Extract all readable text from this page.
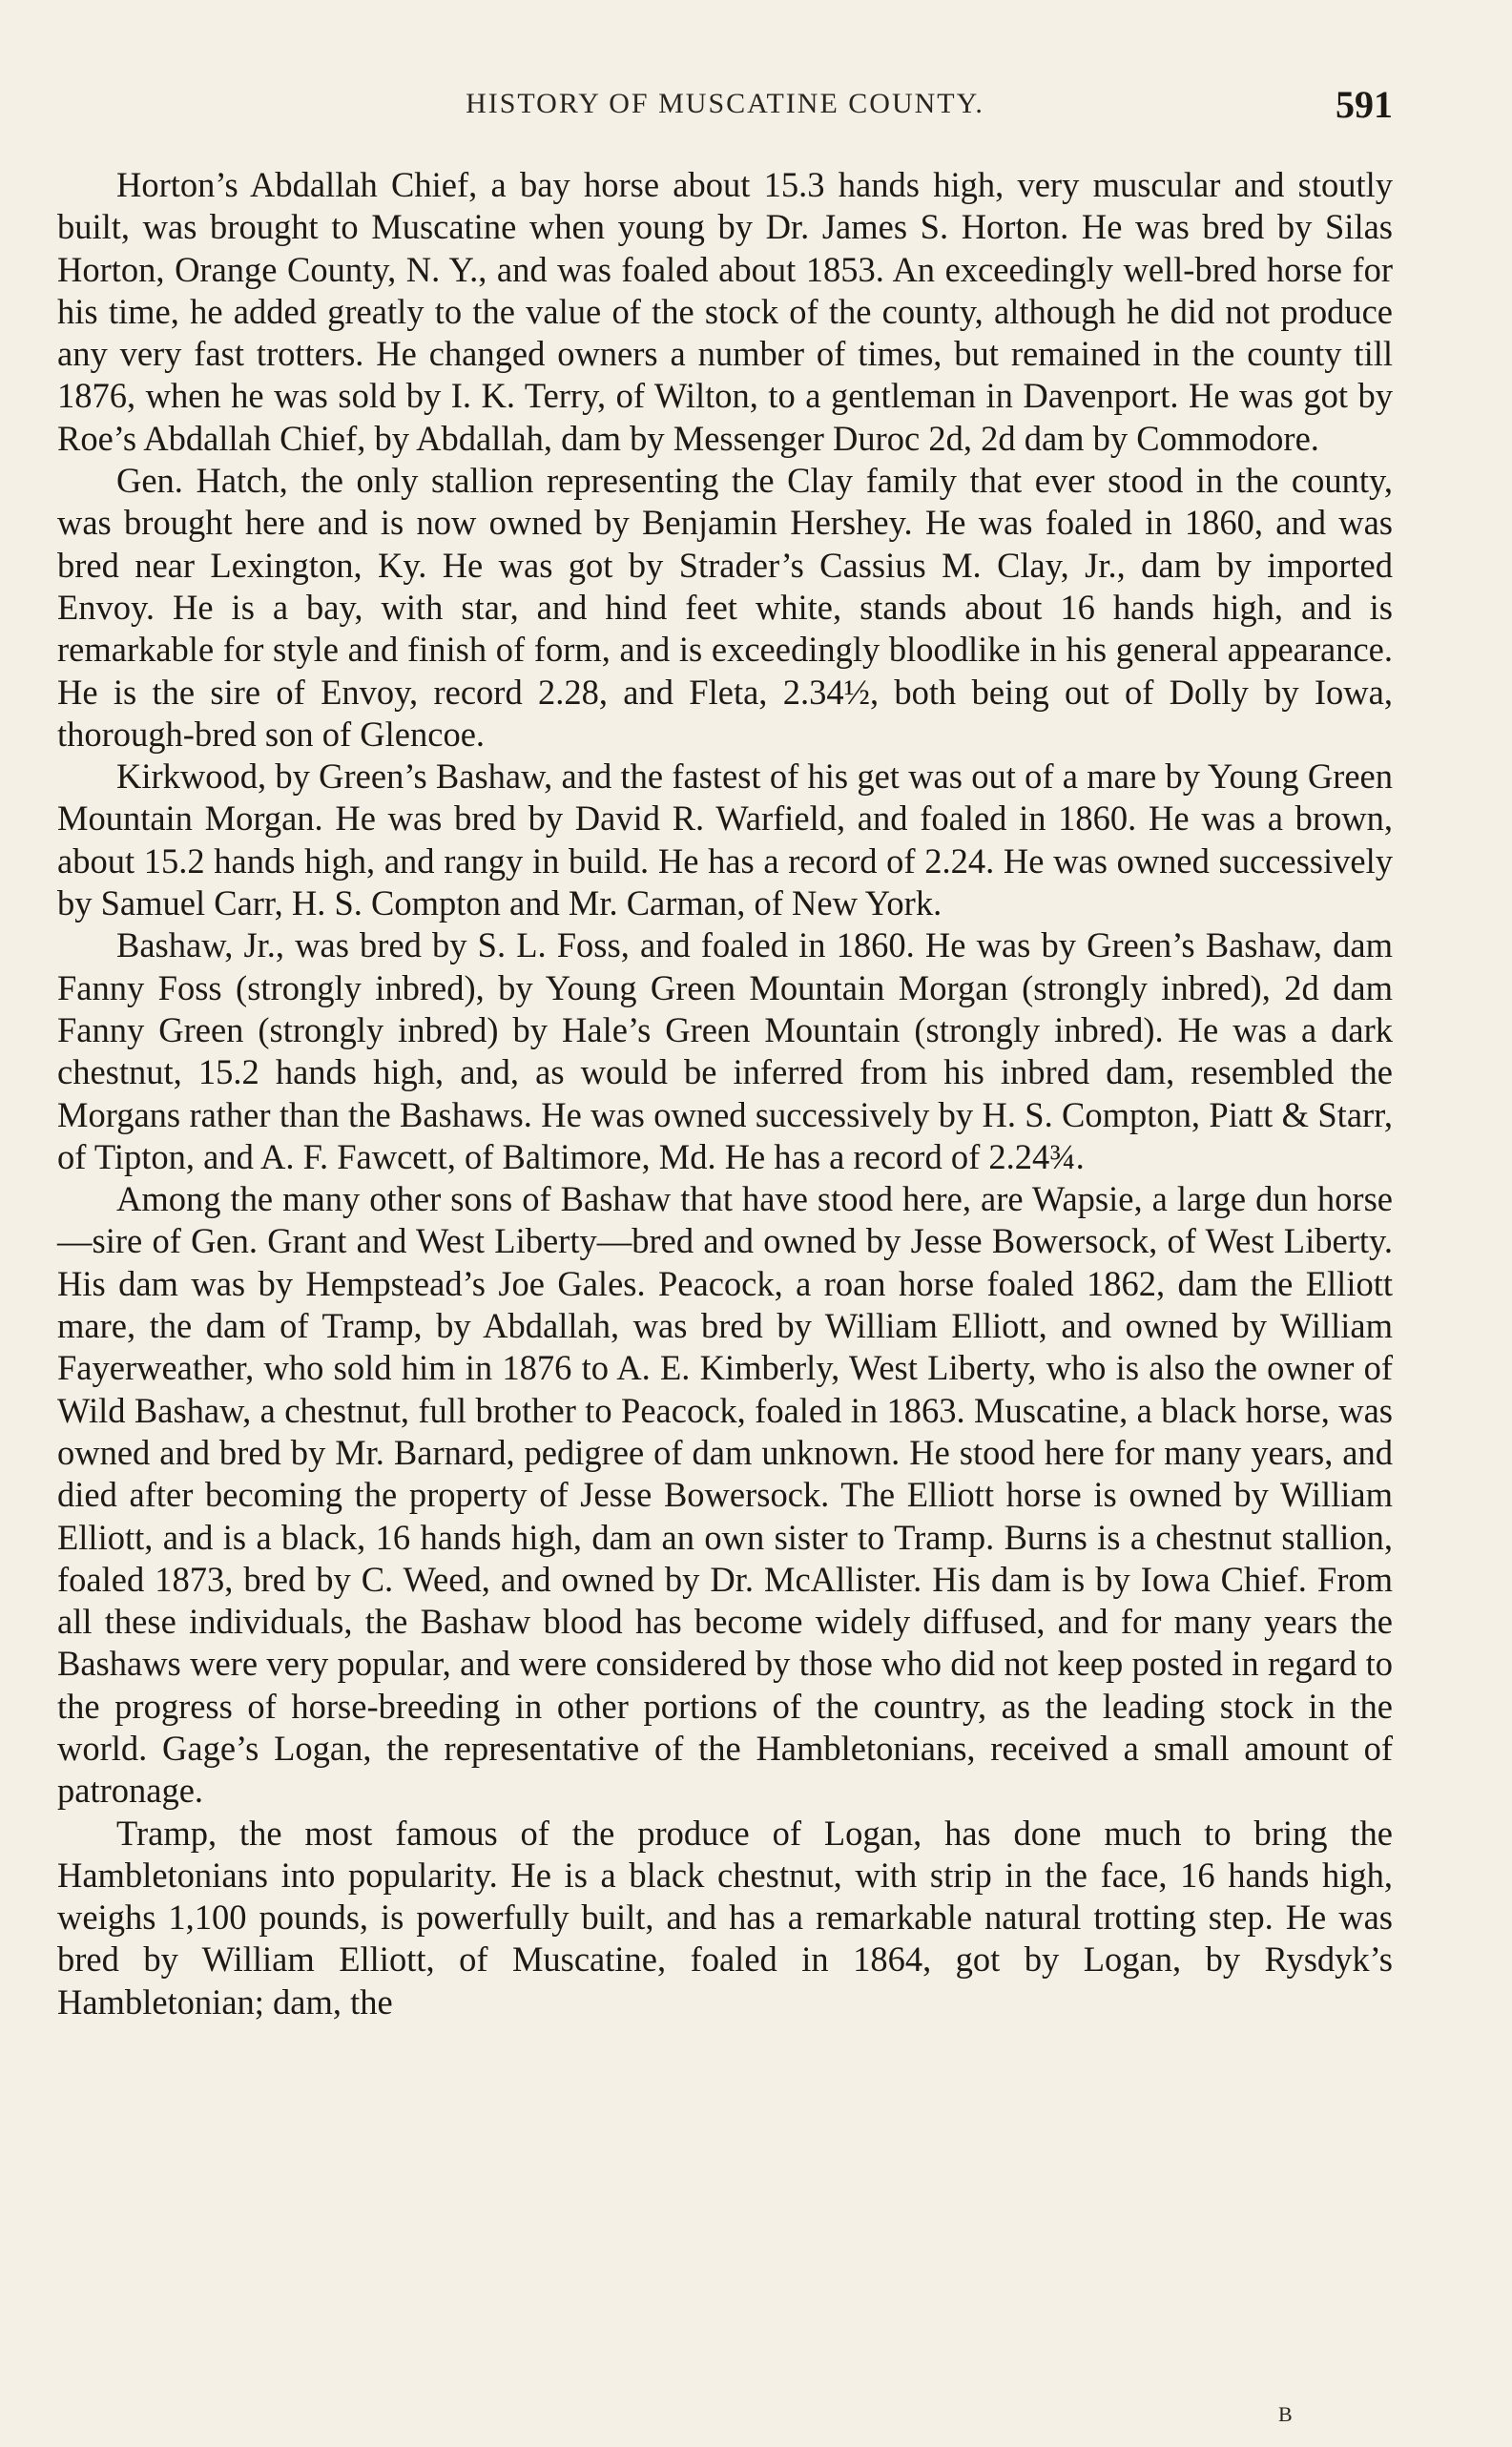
HISTORY OF MUSCATINE COUNTY.	591

Horton’s Abdallah Chief, a bay horse about 15.3 hands high, very muscular and stoutly built, was brought to Muscatine when young by Dr. James S. Horton. He was bred by Silas Horton, Orange County, N. Y., and was foaled about 1853. An exceedingly well-bred horse for his time, he added greatly to the value of the stock of the county, although he did not produce any very fast trotters. He changed owners a number of times, but remained in the county till 1876, when he was sold by I. K. Terry, of Wilton, to a gentleman in Davenport. He was got by Roe’s Abdallah Chief, by Abdallah, dam by Messenger Duroc 2d, 2d dam by Commodore.

Gen. Hatch, the only stallion representing the Clay family that ever stood in the county, was brought here and is now owned by Benjamin Hershey. He was foaled in 1860, and was bred near Lexington, Ky. He was got by Strader’s Cassius M. Clay, Jr., dam by imported Envoy. He is a bay, with star, and hind feet white, stands about 16 hands high, and is remarkable for style and finish of form, and is exceedingly bloodlike in his general appearance. He is the sire of Envoy, record 2.28, and Fleta, 2.34½, both being out of Dolly by Iowa, thorough-bred son of Glencoe.

Kirkwood, by Green’s Bashaw, and the fastest of his get was out of a mare by Young Green Mountain Morgan. He was bred by David R. Warfield, and foaled in 1860. He was a brown, about 15.2 hands high, and rangy in build. He has a record of 2.24. He was owned successively by Samuel Carr, H. S. Compton and Mr. Carman, of New York.

Bashaw, Jr., was bred by S. L. Foss, and foaled in 1860. He was by Green’s Bashaw, dam Fanny Foss (strongly inbred), by Young Green Mountain Morgan (strongly inbred), 2d dam Fanny Green (strongly inbred) by Hale’s Green Mountain (strongly inbred). He was a dark chestnut, 15.2 hands high, and, as would be inferred from his inbred dam, resembled the Morgans rather than the Bashaws. He was owned successively by H. S. Compton, Piatt & Starr, of Tipton, and A. F. Fawcett, of Baltimore, Md. He has a record of 2.24¾.

Among the many other sons of Bashaw that have stood here, are Wapsie, a large dun horse—sire of Gen. Grant and West Liberty—bred and owned by Jesse Bowersock, of West Liberty. His dam was by Hempstead’s Joe Gales. Peacock, a roan horse foaled 1862, dam the Elliott mare, the dam of Tramp, by Abdallah, was bred by William Elliott, and owned by William Fayerweather, who sold him in 1876 to A. E. Kimberly, West Liberty, who is also the owner of Wild Bashaw, a chestnut, full brother to Peacock, foaled in 1863. Muscatine, a black horse, was owned and bred by Mr. Barnard, pedigree of dam unknown. He stood here for many years, and died after becoming the property of Jesse Bowersock. The Elliott horse is owned by William Elliott, and is a black, 16 hands high, dam an own sister to Tramp. Burns is a chestnut stallion, foaled 1873, bred by C. Weed, and owned by Dr. McAllister. His dam is by Iowa Chief. From all these individuals, the Bashaw blood has become widely diffused, and for many years the Bashaws were very popular, and were considered by those who did not keep posted in regard to the progress of horse-breeding in other portions of the country, as the leading stock in the world. Gage’s Logan, the representative of the Hambletonians, received a small amount of patronage.

Tramp, the most famous of the produce of Logan, has done much to bring the Hambletonians into popularity. He is a black chestnut, with strip in the face, 16 hands high, weighs 1,100 pounds, is powerfully built, and has a remarkable natural trotting step. He was bred by William Elliott, of Muscatine, foaled in 1864, got by Logan, by Rysdyk’s Hambletonian; dam, the

B
